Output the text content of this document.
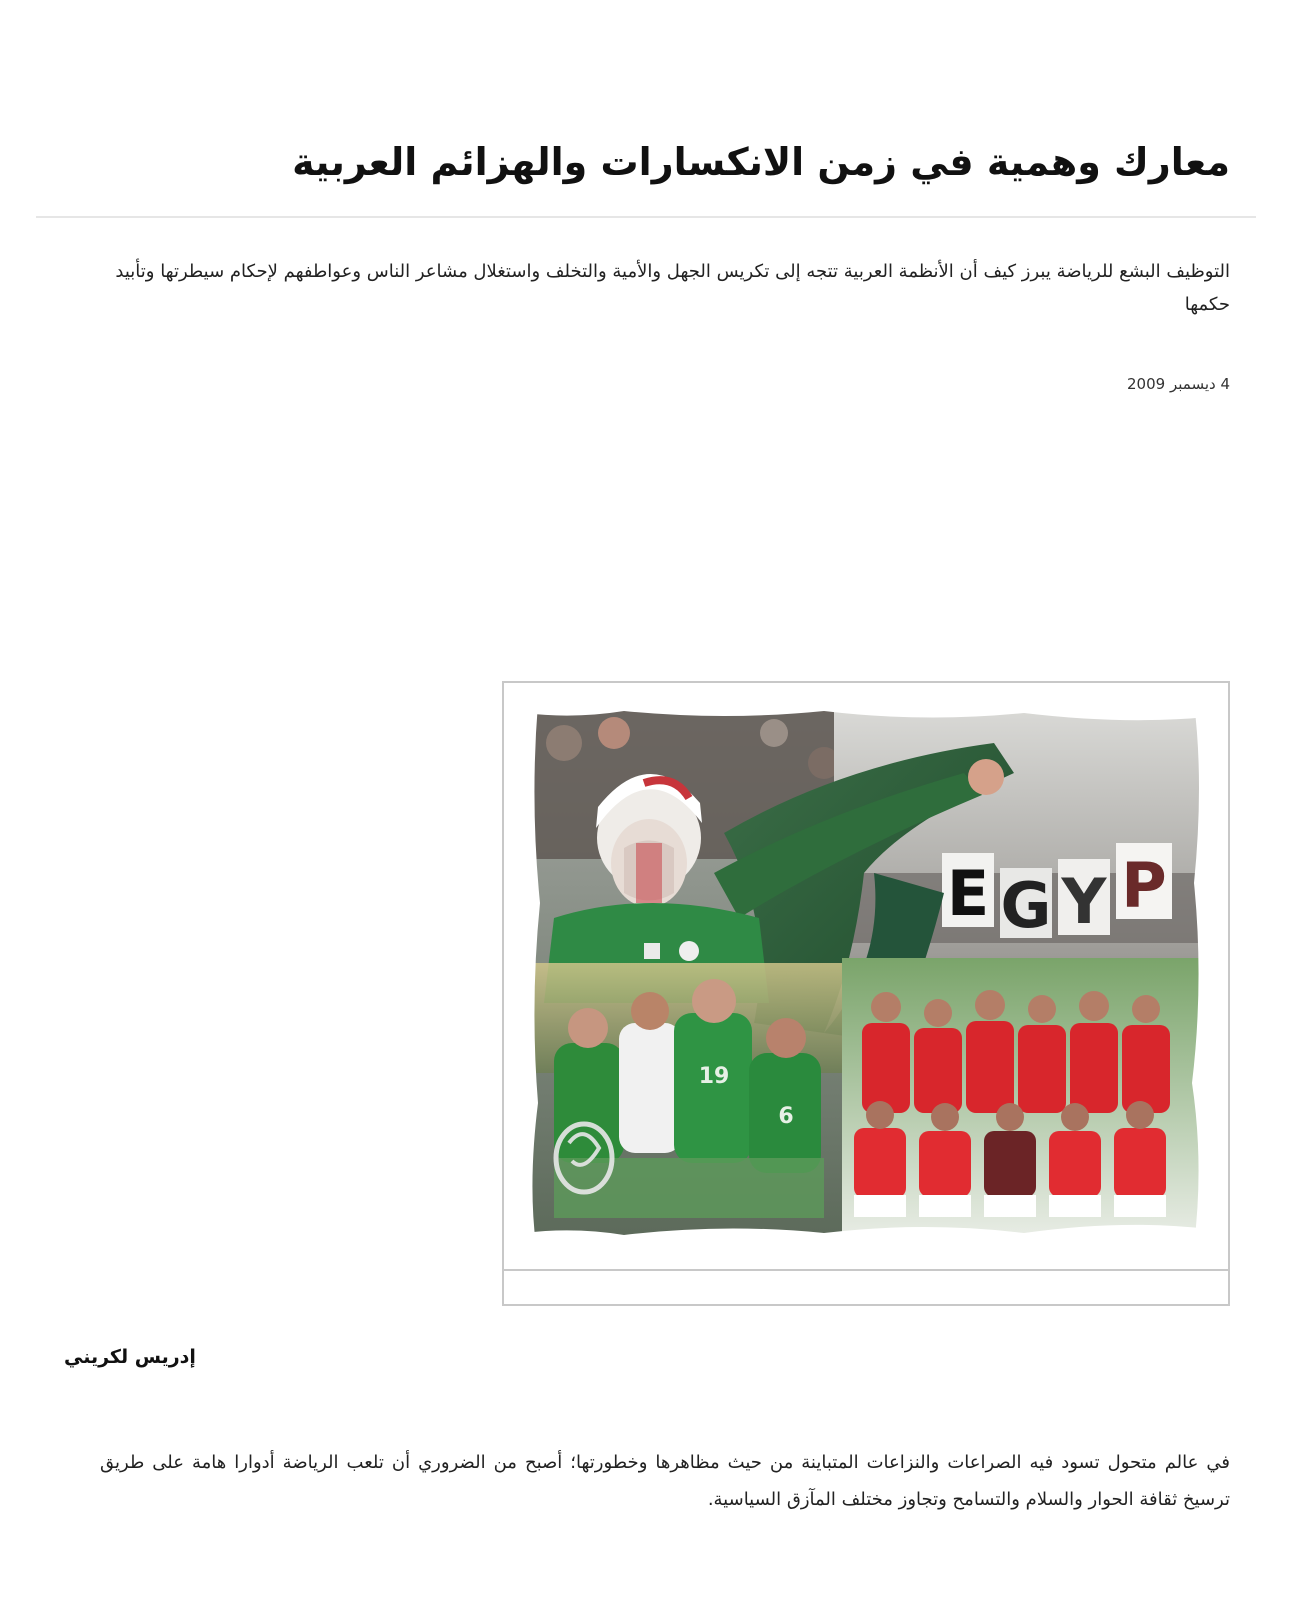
معارك وهمية في زمن الانكسارات والهزائم العربية

التوظيف البشع للرياضة يبرز كيف أن الأنظمة العربية تتجه إلى تكريس الجهل والأمية والتخلف واستغلال مشاعر الناس وعواطفهم لإحكام سيطرتها وتأبيد حكمها

4 ديسمبر 2009
E G Y P
19
6
إدريس لكريني

في عالم متحول تسود فيه الصراعات والنزاعات المتباينة من حيث مظاهرها وخطورتها؛ أصبح من الضروري أن تلعب الرياضة أدوارا هامة على طريق ترسيخ ثقافة الحوار والسلام والتسامح وتجاوز مختلف المآزق السياسية.
